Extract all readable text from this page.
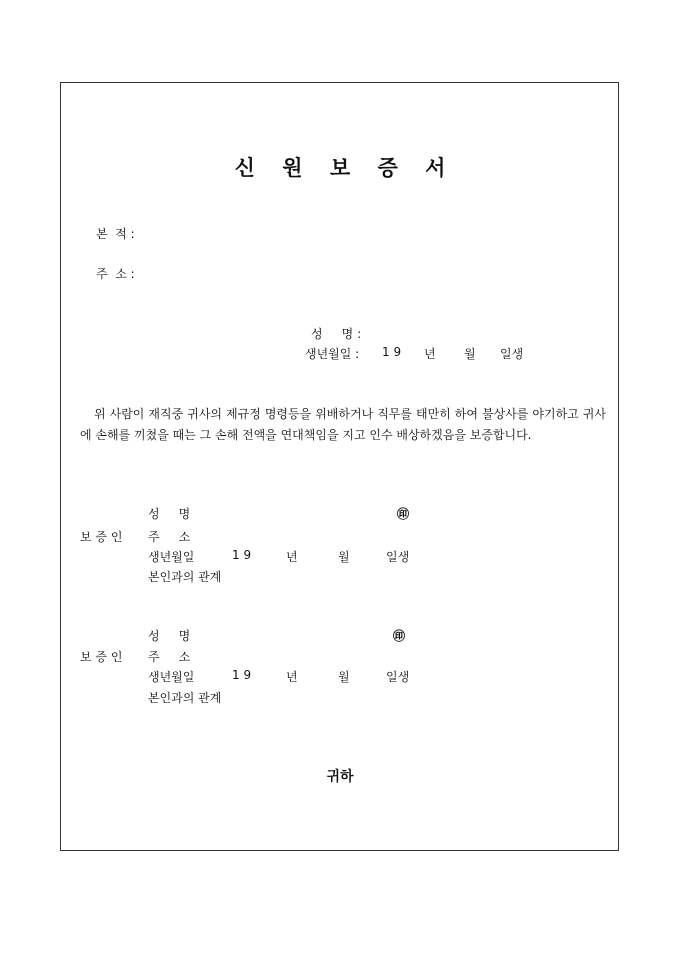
신 원 보 증 서
본  적 :
주  소 :
성     명 :
생년월일 : 1 9 년 월 일생
위 사람이 재직중 귀사의 제규정 명령등을 위배하거나 직무를 태만히 하여 불상사를 야기하고 귀사에 손해를 끼쳤을 때는 그 손해 전액을 연대책임을 지고 인수 배상하겠음을 보증합니다.
성     명	㊞
보 증 인 주     소
생년월일	1 9	년	월	일생
본인과의 관계
성     명	㊞
보 증 인 주     소
생년월일	1 9	년	월	일생
본인과의 관계
귀하
